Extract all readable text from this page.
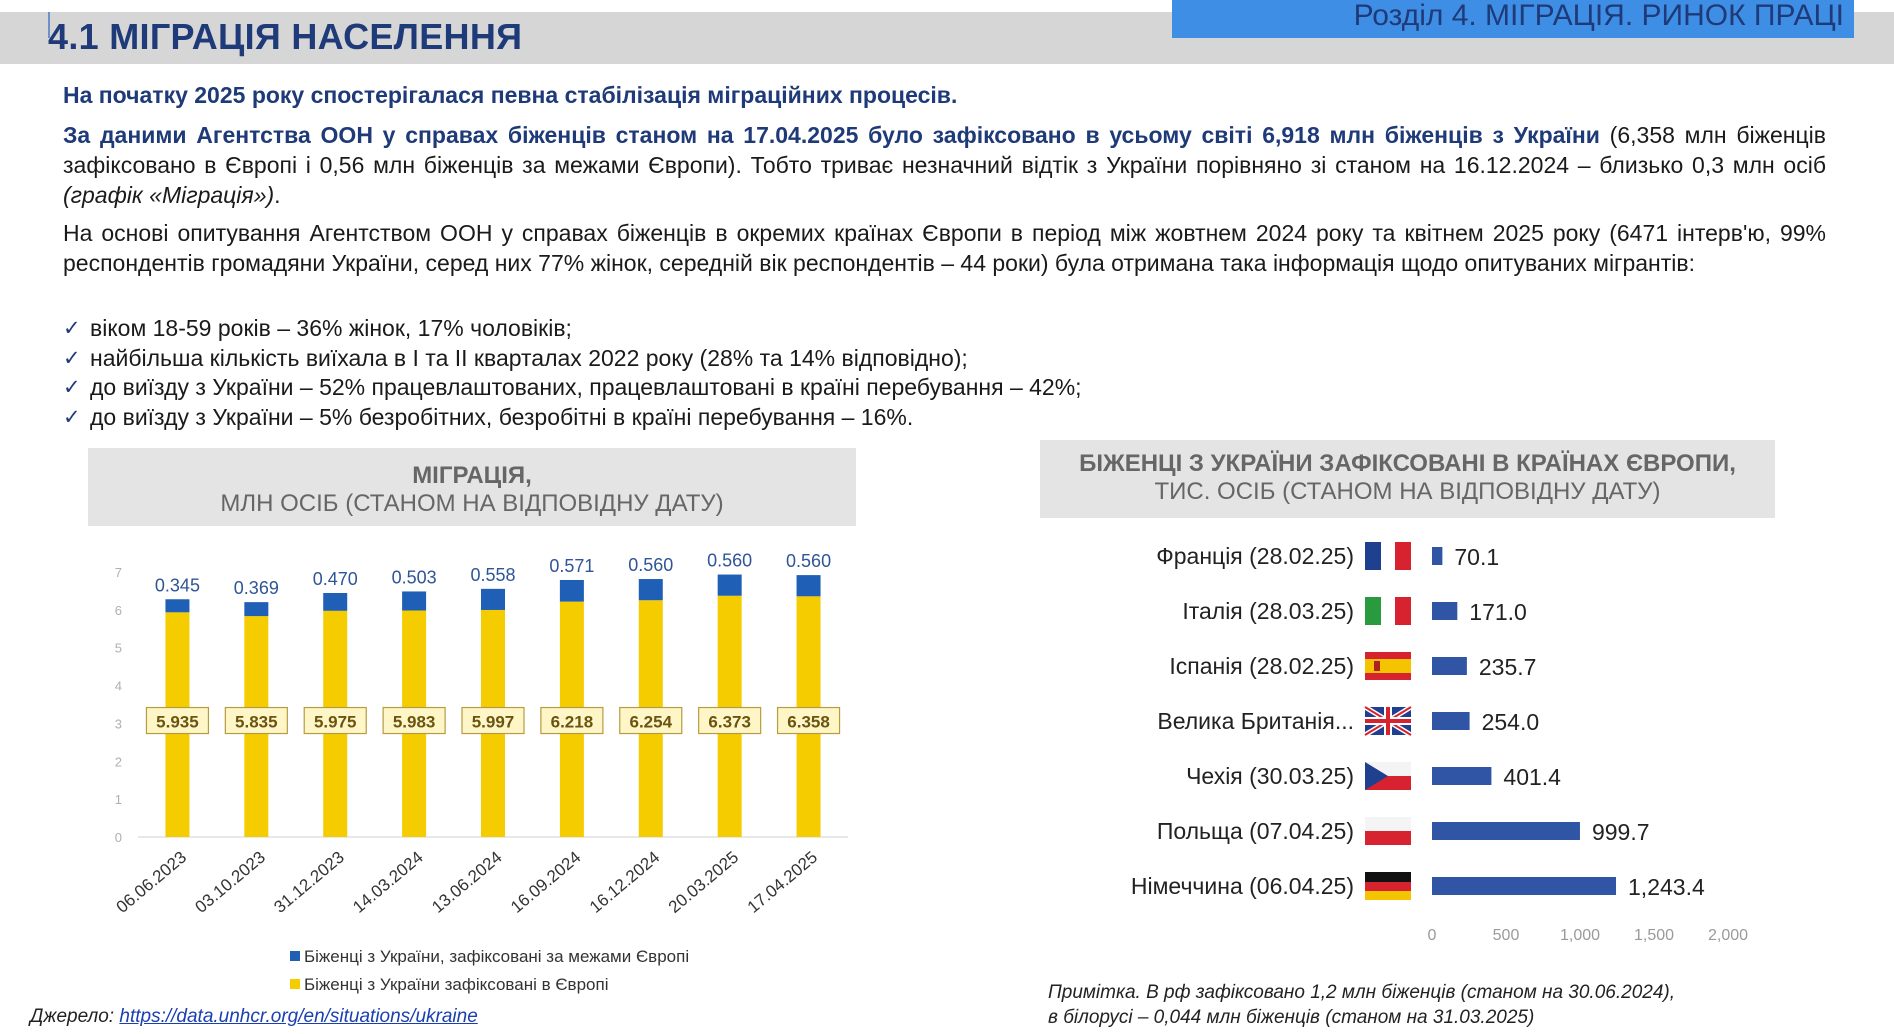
4.1 МІГРАЦІЯ НАСЕЛЕННЯ
Розділ 4. МІГРАЦІЯ. РИНОК ПРАЦІ
На початку 2025 року спостерігалася певна стабілізація міграційних процесів.
За даними Агентства ООН у справах біженців станом на 17.04.2025 було зафіксовано в усьому світі 6,918 млн біженців з України (6,358 млн біженців зафіксовано в Європі і 0,56 млн біженців за межами Європи). Тобто триває незначний відтік з України порівняно зі станом на 16.12.2024 – близько 0,3 млн осіб (графік «Міграція»).
На основі опитування Агентством ООН у справах біженців в окремих країнах Європи в період між жовтнем 2024 року та квітнем 2025 року (6471 інтерв'ю, 99% респондентів громадяни України, серед них 77% жінок, середній вік респондентів – 44 роки) була отримана така інформація щодо опитуваних мігрантів:
✓ віком 18-59 років – 36% жінок, 17% чоловіків;
✓ найбільша кількість виїхала в І та ІІ кварталах 2022 року (28% та 14% відповідно);
✓ до виїзду з України – 52% працевлаштованих, працевлаштовані в країні перебування – 42%;
✓ до виїзду з України – 5% безробітних, безробітні в країні перебування – 16%.
МІГРАЦІЯ,
МЛН ОСІБ (СТАНОМ НА ВІДПОВІДНУ ДАТУ)
0
1
2
3
4
5
6
7
0.345
5.935
06.06.2023
0.369
5.835
03.10.2023
0.470
5.975
31.12.2023
0.503
5.983
14.03.2024
0.558
5.997
13.06.2024
0.571
6.218
16.09.2024
0.560
6.254
16.12.2024
0.560
6.373
20.03.2025
0.560
6.358
17.04.2025
Біженці з України, зафіксовані за межами Європі
Біженці з України зафіксовані в Європі
БІЖЕНЦІ З УКРАЇНИ ЗАФІКСОВАНІ В КРАЇНАХ ЄВРОПИ,
ТИС. ОСІБ (СТАНОМ НА ВІДПОВІДНУ ДАТУ)
Франція (28.02.25)	70.1
Італія (28.03.25)	171.0
Іспанія (28.02.25)	235.7
Велика Британія...	254.0
Чехія (30.03.25)	401.4
Польща (07.04.25)	999.7
Німеччина (06.04.25)	1,243.4
0	500	1,000 1,500 2,000
Джерело: https://data.unhcr.org/en/situations/ukraine
Примітка. В рф зафіксовано 1,2 млн біженців (станом на 30.06.2024),
в білорусі – 0,044 млн біженців (станом на 31.03.2025)
